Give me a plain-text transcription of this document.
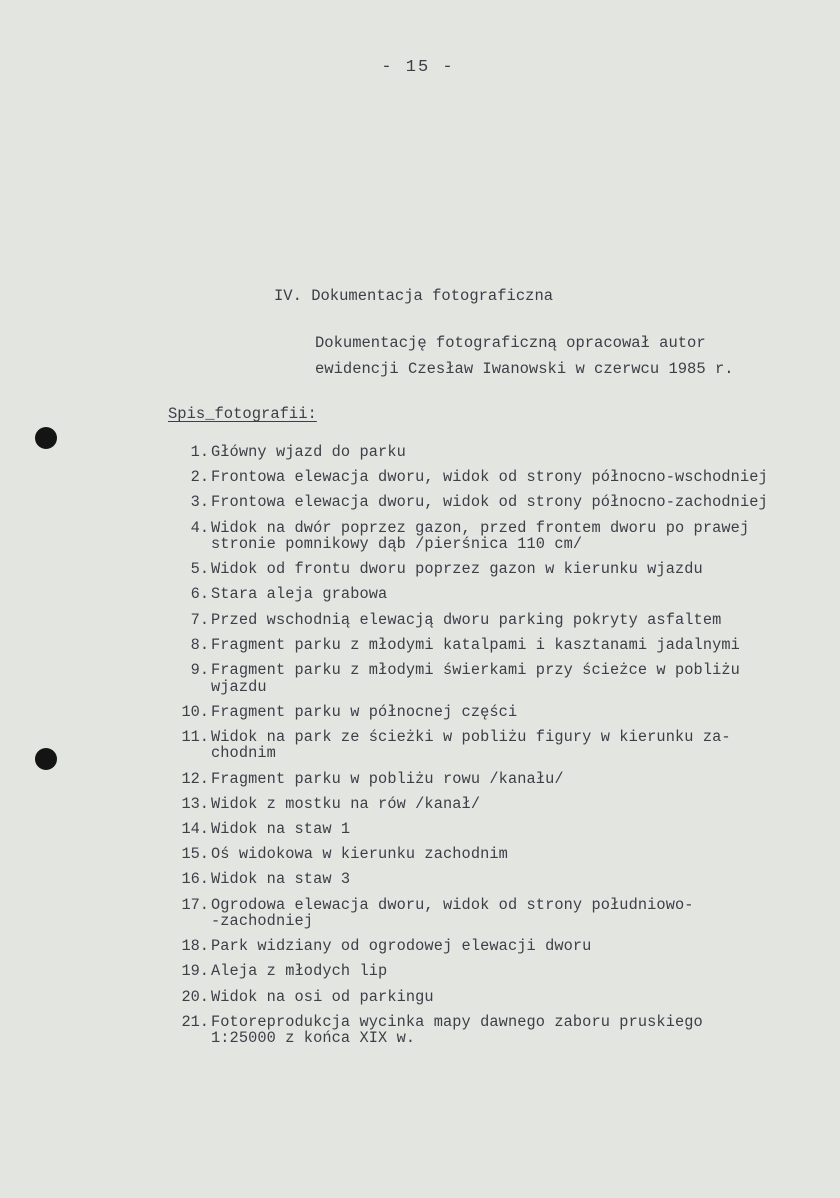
- 15 -
IV. Dokumentacja fotograficzna
Dokumentację fotograficzną opracował autor
ewidencji Czesław Iwanowski w czerwcu 1985 r.
Spis_fotografii:
1. Główny wjazd do parku
2. Frontowa elewacja dworu, widok od strony północno-wschodniej
3. Frontowa elewacja dworu, widok od strony północno-zachodniej
4. Widok na dwór poprzez gazon, przed frontem dworu po prawej
stronie pomnikowy dąb /pierśnica 110 cm/
5. Widok od frontu dworu poprzez gazon w kierunku wjazdu
6. Stara aleja grabowa
7. Przed wschodnią elewacją dworu parking pokryty asfaltem
8. Fragment parku z młodymi katalpami i kasztanami jadalnymi
9. Fragment parku z młodymi świerkami przy ścieżce w pobliżu
wjazdu
10. Fragment parku w północnej części
11. Widok na park ze ścieżki w pobliżu figury w kierunku za-
chodnim
12. Fragment parku w pobliżu rowu /kanału/
13. Widok z mostku na rów /kanał/
14. Widok na staw 1
15. Oś widokowa w kierunku zachodnim
16. Widok na staw 3
17. Ogrodowa elewacja dworu, widok od strony południowo-
-zachodniej
18. Park widziany od ogrodowej elewacji dworu
19. Aleja z młodych lip
20. Widok na osi od parkingu
21. Fotoreprodukcja wycinka mapy dawnego zaboru pruskiego
1:25000 z końca XIX w.
